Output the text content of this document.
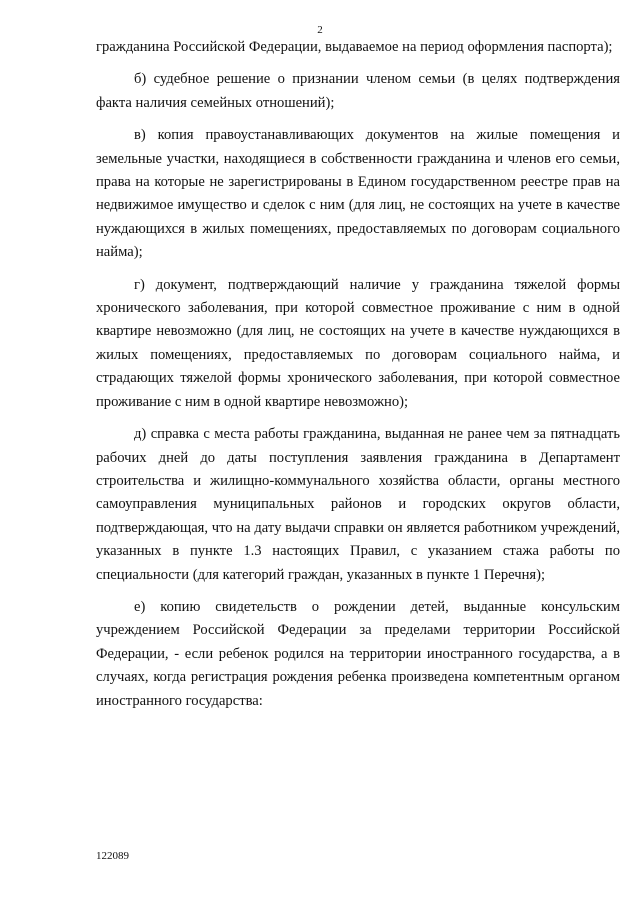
2

гражданина Российской Федерации, выдаваемое на период оформления паспорта);

б) судебное решение о признании членом семьи (в целях подтверждения факта наличия семейных отношений);

в) копия правоустанавливающих документов на жилые помещения и земельные участки, находящиеся в собственности гражданина и членов его семьи, права на которые не зарегистрированы в Едином государственном реестре прав на недвижимое имущество и сделок с ним (для лиц, не состоящих на учете в качестве нуждающихся в жилых помещениях, предоставляемых по договорам социального найма);

г) документ, подтверждающий наличие у гражданина тяжелой формы хронического заболевания, при которой совместное проживание с ним в одной квартире невозможно (для лиц, не состоящих на учете в качестве нуждающихся в жилых помещениях, предоставляемых по договорам социального найма, и страдающих тяжелой формы хронического заболевания, при которой совместное проживание с ним в одной квартире невозможно);

д) справка с места работы гражданина, выданная не ранее чем за пятнадцать рабочих дней до даты поступления заявления гражданина в Департамент строительства и жилищно-коммунального хозяйства области, органы местного самоуправления муниципальных районов и городских округов области, подтверждающая, что на дату выдачи справки он является работником учреждений, указанных в пункте 1.3 настоящих Правил, с указанием стажа работы по специальности (для категорий граждан, указанных в пункте 1 Перечня);

е) копию свидетельств о рождении детей, выданные консульским учреждением Российской Федерации за пределами территории Российской Федерации, - если ребенок родился на территории иностранного государства, а в случаях, когда регистрация рождения ребенка произведена компетентным органом иностранного государства:

122089
